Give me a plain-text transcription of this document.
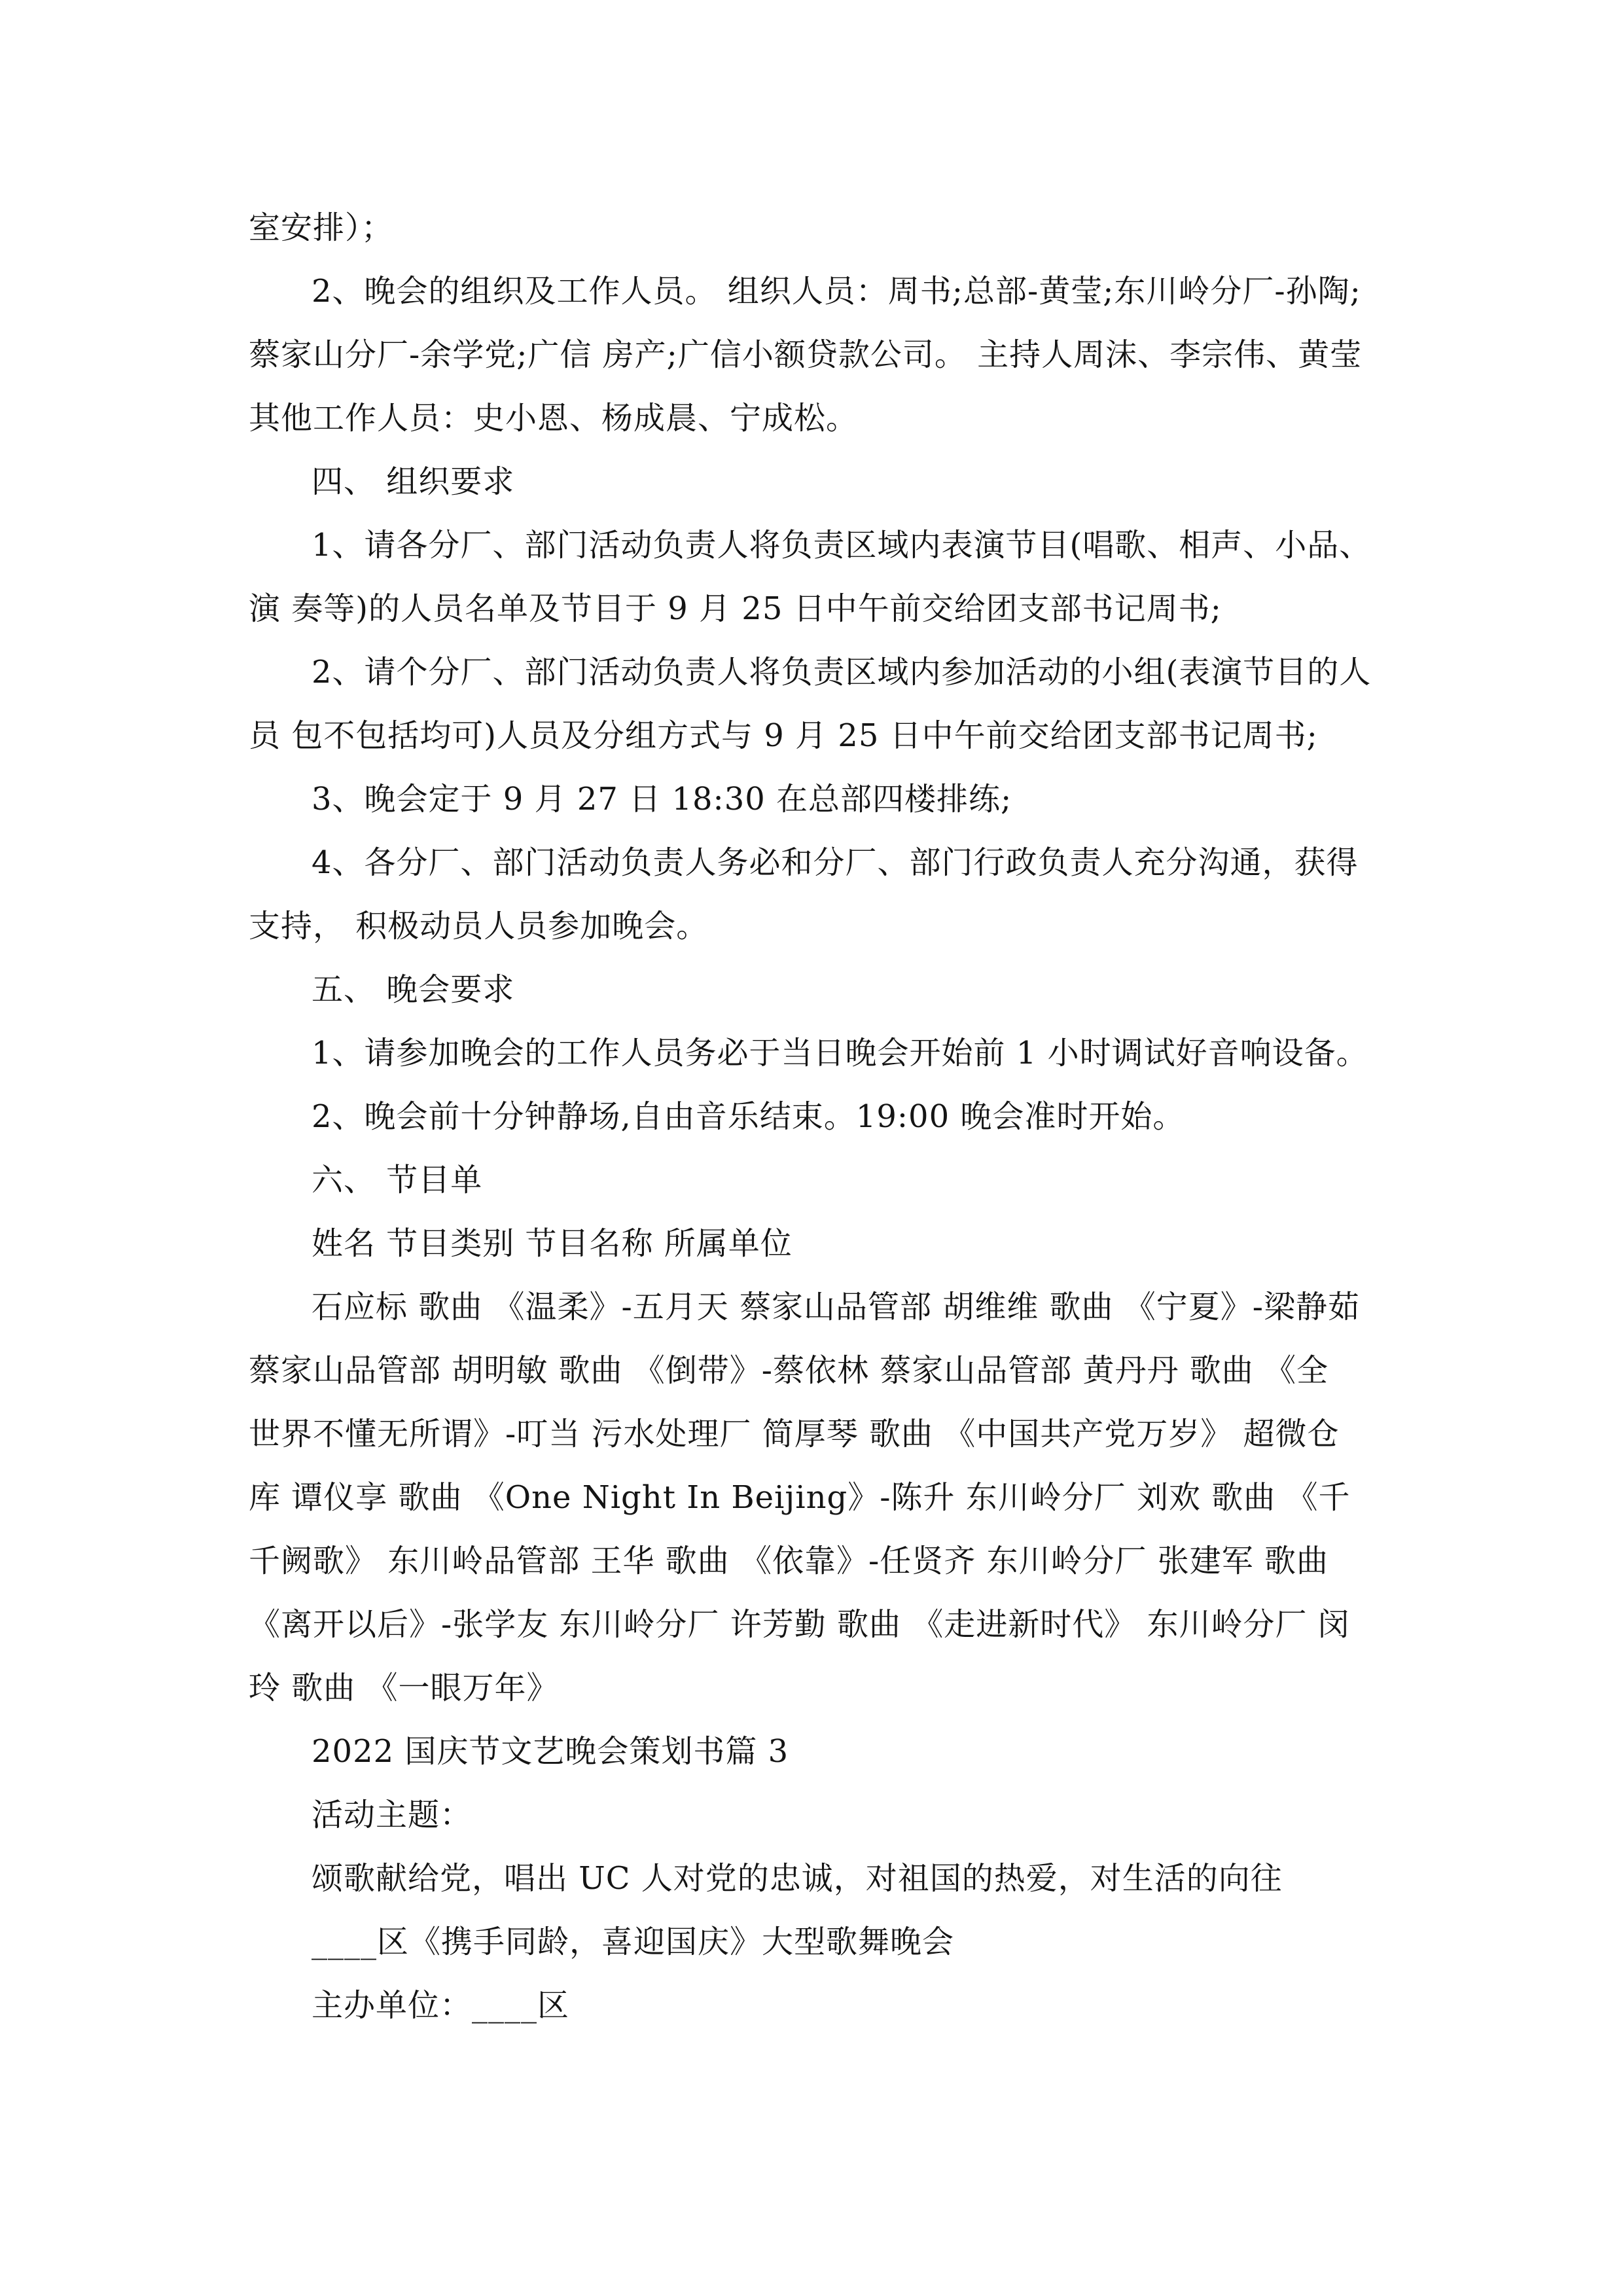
室安排）；
2、晚会的组织及工作人员。 组织人员：周书;总部-黄莹;东川岭分厂-孙陶;
蔡家山分厂-余学党;广信 房产;广信小额贷款公司。 主持人周沫、李宗伟、黄莹
其他工作人员：史小恩、杨成晨、宁成松。
四、 组织要求
1、请各分厂、部门活动负责人将负责区域内表演节目(唱歌、相声、小品、
演 奏等)的人员名单及节目于 9 月 25 日中午前交给团支部书记周书;
2、请个分厂、部门活动负责人将负责区域内参加活动的小组(表演节目的人
员 包不包括均可)人员及分组方式与 9 月 25 日中午前交给团支部书记周书;
3、晚会定于 9 月 27 日 18:30 在总部四楼排练;
4、各分厂、部门活动负责人务必和分厂、部门行政负责人充分沟通，获得
支持， 积极动员人员参加晚会。
五、 晚会要求
1、请参加晚会的工作人员务必于当日晚会开始前 1 小时调试好音响设备。
2、晚会前十分钟静场,自由音乐结束。19:00 晚会准时开始。
六、 节目单
姓名 节目类别 节目名称 所属单位
石应标 歌曲 《温柔》-五月天 蔡家山品管部 胡维维 歌曲 《宁夏》-梁静茹
蔡家山品管部 胡明敏 歌曲 《倒带》-蔡依林 蔡家山品管部 黄丹丹 歌曲 《全
世界不懂无所谓》-叮当 污水处理厂 简厚琴 歌曲 《中国共产党万岁》 超微仓
库 谭仪享 歌曲 《One Night In Beijing》-陈升 东川岭分厂 刘欢 歌曲 《千
千阙歌》 东川岭品管部 王华 歌曲 《依靠》-任贤齐 东川岭分厂 张建军 歌曲
《离开以后》-张学友 东川岭分厂 许芳勤 歌曲 《走进新时代》 东川岭分厂 闵
玲 歌曲 《一眼万年》
2022 国庆节文艺晚会策划书篇 3
活动主题：
颂歌献给党，唱出 UC 人对党的忠诚，对祖国的热爱，对生活的向往
____区《携手同龄，喜迎国庆》大型歌舞晚会
主办单位：____区
